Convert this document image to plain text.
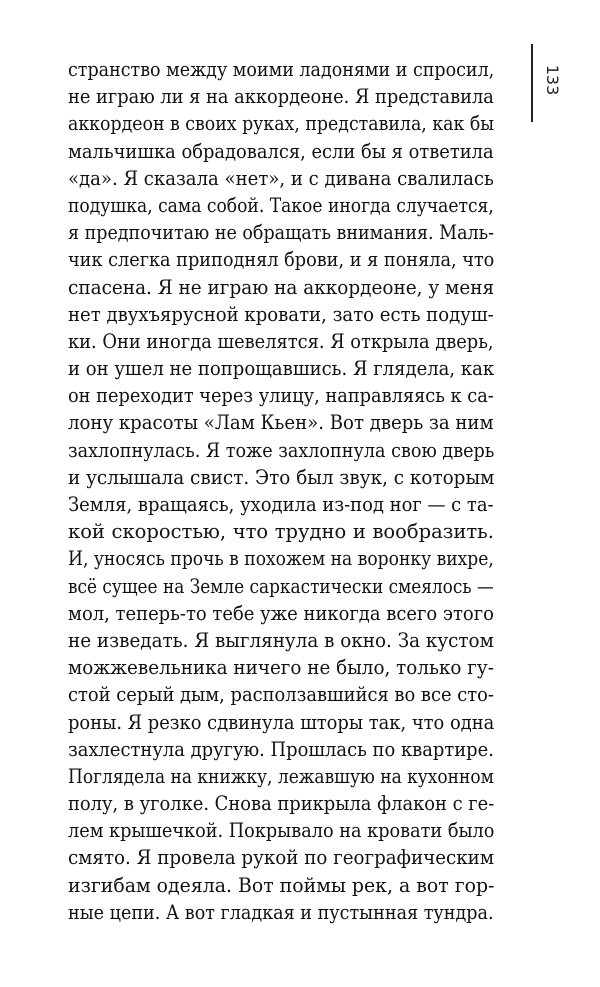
133
странство между моими ладонями и спросил,
не играю ли я на аккордеоне. Я представила
аккордеон в своих руках, представила, как бы
мальчишка обрадовался, если бы я ответила
«да». Я сказала «нет», и с дивана свалилась
подушка, сама собой. Такое иногда случается,
я предпочитаю не обращать внимания. Маль-
чик слегка приподнял брови, и я поняла, что
спасена. Я не играю на аккордеоне, у меня
нет двухъярусной кровати, зато есть подуш-
ки. Они иногда шевелятся. Я открыла дверь,
и он ушел не попрощавшись. Я глядела, как
он переходит через улицу, направляясь к са-
лону красоты «Лам Кьен». Вот дверь за ним
захлопнулась. Я тоже захлопнула свою дверь
и услышала свист. Это был звук, с которым
Земля, вращаясь, уходила из-под ног — с та-
кой скоростью, что трудно и вообразить.
И, уносясь прочь в похожем на воронку вихре,
всё сущее на Земле саркастически смеялось —
мол, теперь-то тебе уже никогда всего этого
не изведать. Я выглянула в окно. За кустом
можжевельника ничего не было, только гу-
стой серый дым, расползавшийся во все сто-
роны. Я резко сдвинула шторы так, что одна
захлестнула другую. Прошлась по квартире.
Поглядела на книжку, лежавшую на кухонном
полу, в уголке. Снова прикрыла флакон с ге-
лем крышечкой. Покрывало на кровати было
смято. Я провела рукой по географическим
изгибам одеяла. Вот поймы рек, а вот гор-
ные цепи. А вот гладкая и пустынная тундра.
